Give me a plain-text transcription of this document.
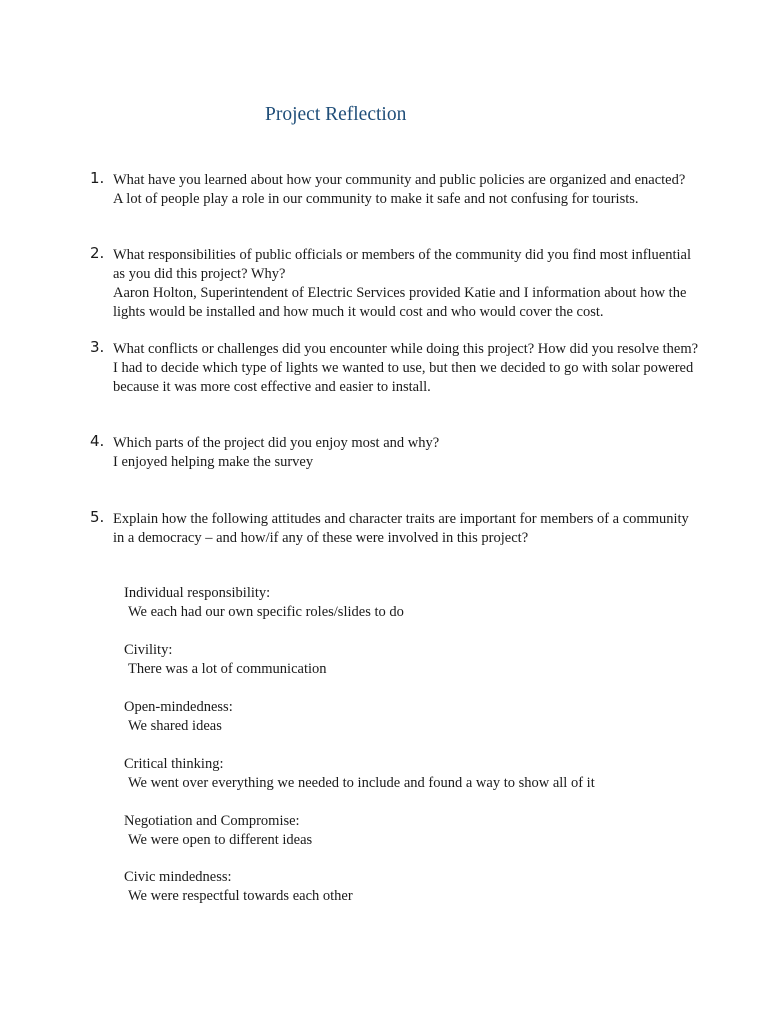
Project Reflection
1. What have you learned about how your community and public policies are organized and enacted?

A lot of people play a role in our community to make it safe and not confusing for tourists.

2. What responsibilities of public officials or members of the community did you find most influential as you did this project? Why?

Aaron Holton, Superintendent of Electric Services provided Katie and I information about how the lights would be installed and how much it would cost and who would cover the cost.

3. What conflicts or challenges did you encounter while doing this project? How did you resolve them?

I had to decide which type of lights we wanted to use, but then we decided to go with solar powered because it was more cost effective and easier to install.

4. Which parts of the project did you enjoy most and why?

I enjoyed helping make the survey

5. Explain how the following attitudes and character traits are important for members of a community in a democracy – and how/if any of these were involved in this project?

Individual responsibility:

We each had our own specific roles/slides to do

Civility:

There was a lot of communication

Open-mindedness:

We shared ideas

Critical thinking:

We went over everything we needed to include and found a way to show all of it

Negotiation and Compromise:

We were open to different ideas

Civic mindedness:

We were respectful towards each other
